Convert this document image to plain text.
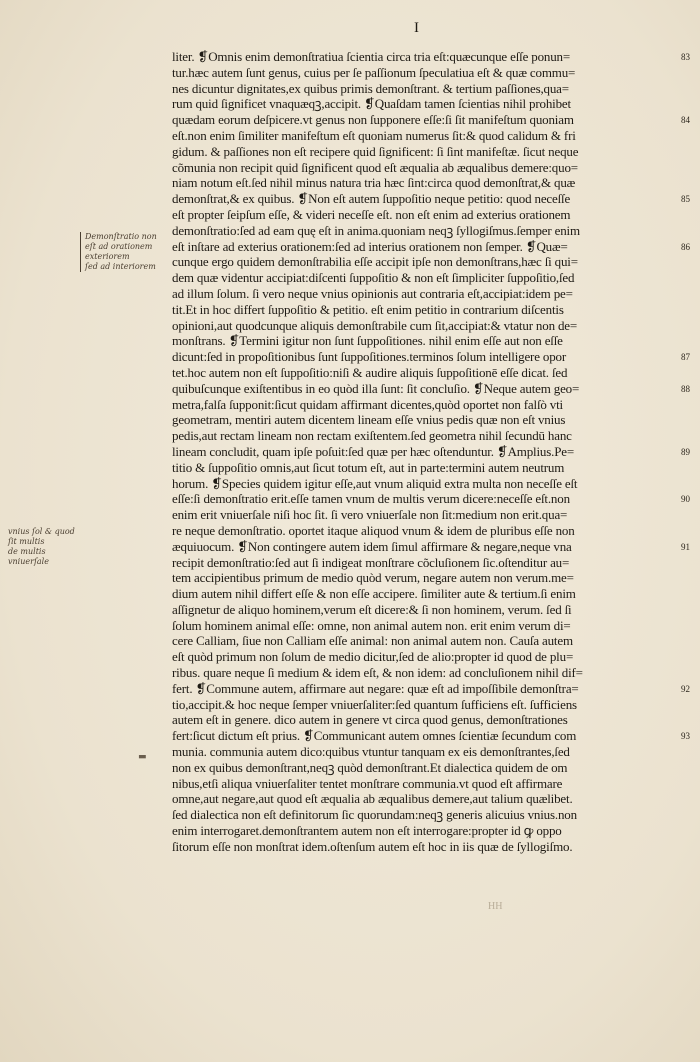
I
Demonſtratio non
eſt ad orationem
exteriorem
ſed ad interiorem
vnius ſol & quod
ſit multis
de multis
vniuerſale
▬
liter. ❡Omnis enim demonſtratiua ſcientia circa tria eſt:quæcunque eſſe ponun=
tur.hæc autem ſunt genus, cuius per ſe paſſionum ſpeculatiua eſt & quæ commu=
nes dicuntur dignitates,ex quibus primis demonſtrant. & tertium paſſiones,qua=
rum quid ſignificet vnaquæqꝫ,accipit. ❡Quaſdam tamen ſcientias nihil prohibet
quædam eorum deſpicere.vt genus non ſupponere eſſe:ſi ſit manifeſtum quoniam
eſt.non enim ſimiliter manifeſtum eſt quoniam numerus ſit:& quod calidum & fri
gidum. & paſſiones non eſt recipere quid ſignificent: ſi ſint manifeſtæ. ſicut neque
cõmunia non recipit quid ſignificent quod eſt æqualia ab æqualibus demere:quo=
niam notum eſt.ſed nihil minus natura tria hæc ſint:circa quod demonſtrat,& quæ
demonſtrat,& ex quibus. ❡Non eſt autem ſuppoſitio neque petitio: quod neceſſe
eſt propter ſeipſum eſſe, & videri neceſſe eſt. non eſt enim ad exterius orationem
demonſtratio:ſed ad eam quę eſt in anima.quoniam neqꝫ ſyllogiſmus.ſemper enim
eſt inſtare ad exterius orationem:ſed ad interius orationem non ſemper. ❡Quæ=
cunque ergo quidem demonſtrabilia eſſe accipit ipſe non demonſtrans,hæc ſi qui=
dem quæ videntur accipiat:diſcenti ſuppoſitio & non eſt ſimpliciter ſuppoſitio,ſed
ad illum ſolum. ſi vero neque vnius opinionis aut contraria eſt,accipiat:idem pe=
tit.Et in hoc differt ſuppoſitio & petitio. eſt enim petitio in contrarium diſcentis
opinioni,aut quodcunque aliquis demonſtrabile cum ſit,accipiat:& vtatur non de=
monſtrans. ❡Termini igitur non ſunt ſuppoſitiones. nihil enim eſſe aut non eſſe
dicunt:ſed in propoſitionibus ſunt ſuppoſitiones.terminos ſolum intelligere opor
tet.hoc autem non eſt ſuppoſitio:niſi & audire aliquis ſuppoſitionē eſſe dicat. ſed
quibuſcunque exiſtentibus in eo quòd illa ſunt: ſit concluſio. ❡Neque autem geo=
metra,falſa ſupponit:ſicut quidam affirmant dicentes,quòd oportet non falſò vti
geometram, mentiri autem dicentem lineam eſſe vnius pedis quæ non eſt vnius
pedis,aut rectam lineam non rectam exiſtentem.ſed geometra nihil ſecundū hanc
lineam concludit, quam ipſe poſuit:ſed quæ per hæc oſtenduntur. ❡Amplius.Pe=
titio & ſuppoſitio omnis,aut ſicut totum eſt, aut in parte:termini autem neutrum
horum. ❡Species quidem igitur eſſe,aut vnum aliquid extra multa non neceſſe eſt
eſſe:ſi demonſtratio erit.eſſe tamen vnum de multis verum dicere:neceſſe eſt.non
enim erit vniuerſale niſi hoc ſit. ſi vero vniuerſale non ſit:medium non erit.qua=
re neque demonſtratio. oportet itaque aliquod vnum & idem de pluribus eſſe non
æquiuocum. ❡Non contingere autem idem ſimul affirmare & negare,neque vna
recipit demonſtratio:ſed aut ſi indigeat monſtrare cõcluſionem ſic.oſtenditur au=
tem accipientibus primum de medio quòd verum, negare autem non verum.me=
dium autem nihil differt eſſe & non eſſe accipere. ſimiliter aute & tertium.ſi enim
aſſignetur de aliquo hominem,verum eſt dicere:& ſi non hominem, verum. ſed ſi
ſolum hominem animal eſſe: omne, non animal autem non. erit enim verum di=
cere Calliam, ſiue non Calliam eſſe animal: non animal autem non. Cauſa autem
eſt quòd primum non ſolum de medio dicitur,ſed de alio:propter id quod de plu=
ribus. quare neque ſi medium & idem eſt, & non idem: ad concluſionem nihil dif=
fert. ❡Commune autem, affirmare aut negare: quæ eſt ad impoſſibile demonſtra=
tio,accipit.& hoc neque ſemper vniuerſaliter:ſed quantum ſufficiens eſt. ſufficiens
autem eſt in genere. dico autem in genere vt circa quod genus, demonſtrationes
fert:ſicut dictum eſt prius. ❡Communicant autem omnes ſcientiæ ſecundum com
munia. communia autem dico:quibus vtuntur tanquam ex eis demonſtrantes,ſed
non ex quibus demonſtrant,neqꝫ quòd demonſtrant.Et dialectica quidem de om
nibus,etſi aliqua vniuerſaliter tentet monſtrare communia.vt quod eſt affirmare
omne,aut negare,aut quod eſt æqualia ab æqualibus demere,aut talium quælibet.
ſed dialectica non eſt definitorum ſic quorundam:neqꝫ generis alicuius vnius.non
enim interrogaret.demonſtrantem autem non eſt interrogare:propter id ꝙ oppo
ſitorum eſſe non monſtrat idem.oſtenſum autem eſt hoc in iis quæ de ſyllogiſmo.
83
84
85
86
87
88
89
90
91
92
93
HH
